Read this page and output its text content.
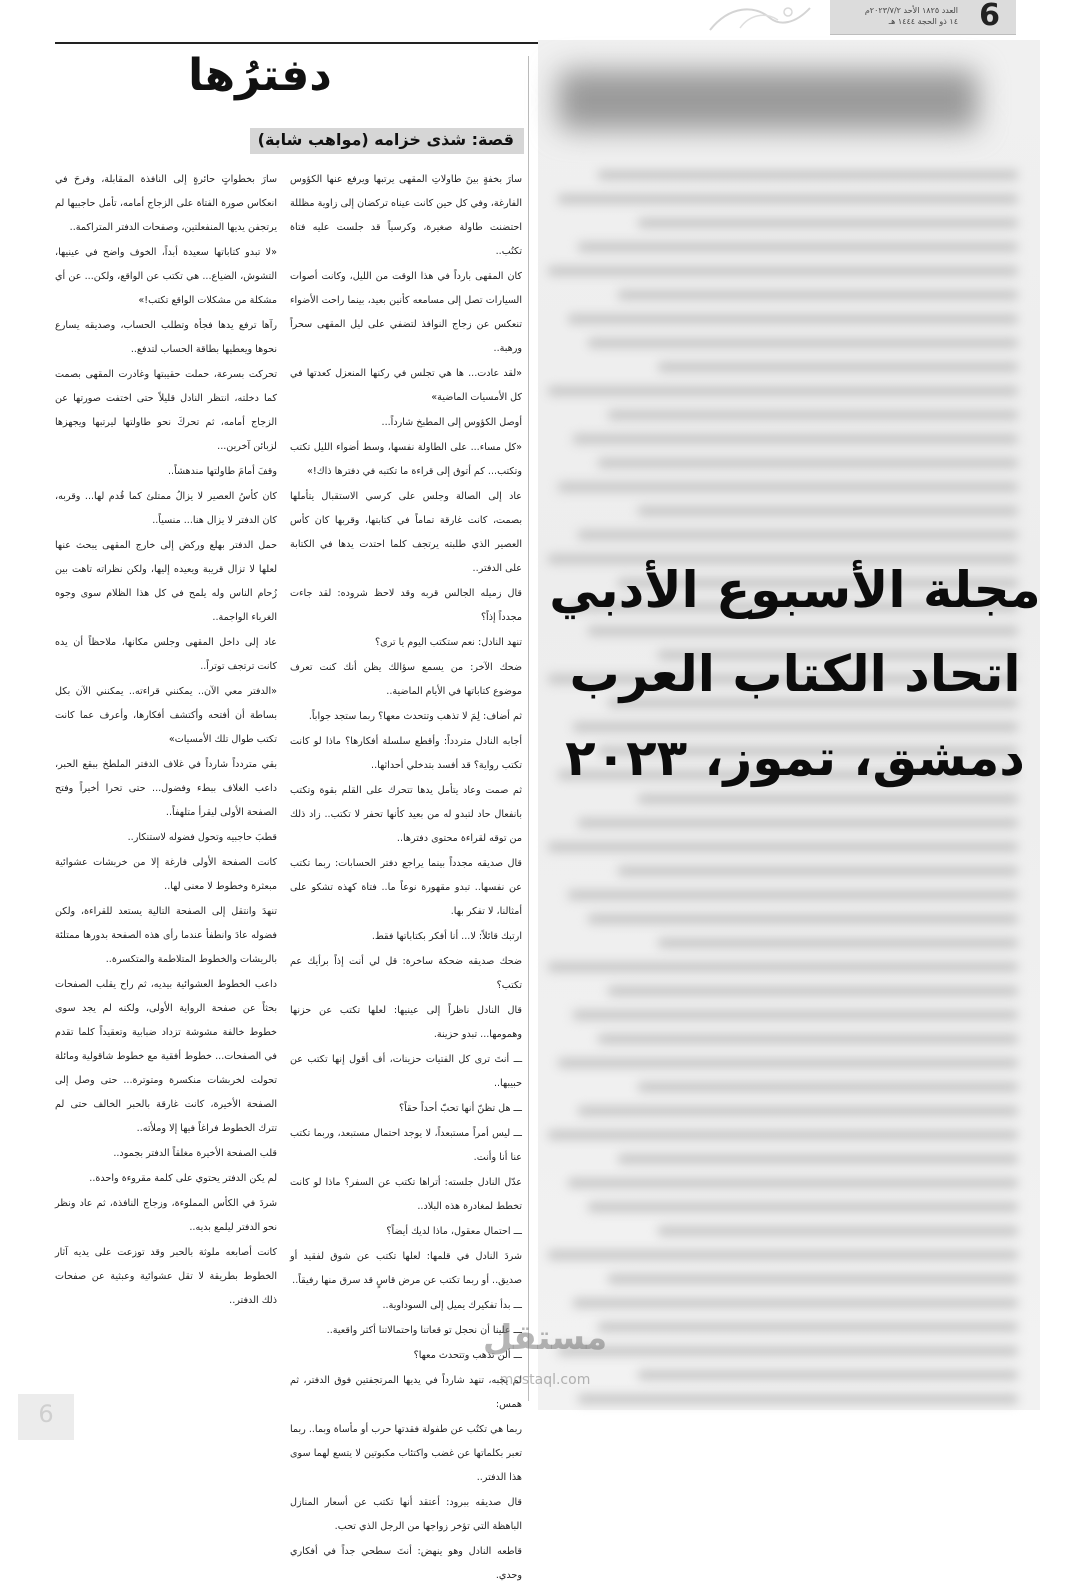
العدد ١٨٢٥ الأحد ٢٠٢٣/٧/٢م
١٤ ذو الحجة ١٤٤٤ هـ 6
دفترُها
قصة: شذى خزامه (مواهب شابة)

سارَ بخفةٍ بينَ طاولاتِ المقهى يرتبها ويرفع عنها الكؤوس الفارغة، وفي كل حين كانت عيناه تركضان إلى زاوية مظللة احتضنت طاولة صغيرة، وكرسياً قد جلست عليه فتاة تكتُب..

كان المقهى بارداً في هذا الوقت من الليل، وكانت أصوات السيارات تصل إلى مسامعه كأنين بعيد، بينما راحت الأضواء تنعكس عن زجاج النوافذ لتضفي على ليل المقهى سحراً ورهبة..

«لقد عادت... ها هي تجلس في ركنها المنعزل كعدتها في كل الأمسيات الماضية»

أوصل الكؤوس إلى المطبخ شارداً...

«كل مساء... على الطاولة نفسها، وسط أضواء الليل تكتب وتكتب... كم أتوق إلى قراءة ما تكتبه في دفترها ذاك!»

عاد إلى الصالة وجلس على كرسي الاستقبال يتأملها بصمت، كانت غارقة تماماً في كتابتها، وقربها كان كأس العصير الذي طلبته يرتجف كلما احتدت يدها في الكتابة على الدفتر..

قال زميله الجالس قربه وقد لاحظ شروده: لقد جاءت مجدداً إذاً؟

تنهد النادل: نعم ستكتب اليوم يا ترى؟

ضحك الآخر: من يسمع سؤالك يظن أنك كنت تعرف موضوع كتاباتها في الأيام الماضية..

ثم أضاف: لِمَ لا تذهب وتتحدث معها؟ ربما ستجد جواباً.

أجابه النادل متردداً: وأقطع سلسلة أفكارها؟ ماذا لو كانت تكتب رواية؟ قد أفسد بتدخلي أحداثها..

ثم صمت وعاد يتأمل يدها تتحرك على القلم بقوة وتكتب بانفعال حاد لتبدو له من بعيد كأنها تحفر لا تكتب.. زاد ذلك من توقه لقراءة محتوى دفترها..

قال صديقه مجدداً بينما يراجع دفتر الحسابات: ربما تكتب عن نفسها.. تبدو مقهورة نوعاً ما.. فتاة كهذه تشكو على أمثالنا، لا تفكر بها.

ارتبك قائلاً: لا... أنا أفكر بكتاباتها فقط.

ضحك صديقه ضحكة ساخرة: قل لي أنت إذاً برأيك عم تكتب؟

قال النادل ناظراً إلى عينيها: لعلها تكتب عن حزنها وهمومها... تبدو حزينة.

ـــ أنتَ ترى كل الفتيات حزينات، أف أقول إنها تكتب عن حبيبها..

ـــ هل تظنّ أنها تحبّ أحداً حقاً؟

ـــ ليس أمراً مستبعداً، لا يوجد احتمال مستبعد، وربما تكتب عنا أنا وأنت.

عدّل النادل جلسته: أتراها تكتب عن السفر؟ ماذا لو كانت تخطط لمغادرة هذه البلاد..

ـــ احتمال معقول، ماذا لديك أيضاً؟

شردَ النادل في قلمها: لعلها تكتب عن شوق لفقيد أو صديق.. أو ربما تكتب عن مرض قاسٍ قد سرق منها رفيقاً..

ـــ بدأ تفكيرك يميل إلى السوداوية..

ـــ علينا أن نحجل تو قعاتنا واحتمالاتنا أكثر واقعية..

ـــ ألن تذهب وتتحدث معها؟

لم يجبه، تنهد شارداً في يديها المرتجفتين فوق الدفتر، ثم همس:

ربما هي تكتُب عن طفولة فقدتها حرب أو مأساة وبما.. ربما تعبر بكلماتها عن غضب واكتئاب مكبوتين لا يتسع لهما سوى هذا الدفتر..

قال صديقه ببرود: أعتقد أنها تكتب عن أسعار المنازل الباهظة التي تؤخر زواجها من الرجل الذي تحب.

قاطعه النادل وهو ينهض: أنتَ سطحي جداً في أفكاري وحدي.

سارَ بخطواتٍ حائرةٍ إلى النافذة المقابلة، وفرحَ في انعكاس صورة الفتاة على الزجاج أمامه، تأمل حاجبيها لم يرتجفن يديها المنفعلتين، وصفحات الدفتر المتراكمة..

«لا تبدو كتاباتها سعيدة أبداً، الخوف واضح في عينيها، التشوش، الضياع... هي تكتب عن الواقع، ولكن... عن أي مشكلة من مشكلات الواقع تكتب!»

رآها ترفع يدها فجأة وتطلب الحساب، وصديقه يسارع نحوها ويعطيها بطاقة الحساب لتدفع..

تحركت بسرعة، حملت حقيبتها وغادرت المقهى بصمت كما دخلته، انتظر النادل قليلاً حتى اختفت صورتها عن الزجاج أمامه، ثم تحركَ نحو طاولتها ليرتبها ويجهزها لزبائن آخرين...

وقفَ أمامَ طاولتها مندهشاً..

كان كأسُ العصير لا يزالُ ممتلئ كما قُدم لها... وقربه، كان الدفتر لا يزال هنا... منسياً..

حمل الدفتر بهلع وركض إلى خارج المقهى يبحث عنها لعلها لا تزال قريبة ويعيده إليها، ولكن نظراته تاهت بين زُحام الناس وله يلمح في كل هذا الظلام سوى وجوه الغرباء الواجمة..

عاد إلى داخل المقهى وجلس مكانها، ملاحظاً أن يده كانت ترتجف توتراً..

«الدفتر معي الآن.. يمكنني قراءته.. يمكنني الآن بكل بساطة أن أفتحه وأكتشف أفكارها، وأعرف عما كانت تكتب طوال تلك الأمسيات»

بقي متردداً شارداً في غلاف الدفتر الملطخ ببقع الحبر، داعب الغلاف ببطء وفضول... حتى تحرا أخيراً وفتح الصفحة الأولى ليقرأ متلهفاً..

قطبَ حاجبيه وتحول فضوله لاستنكار..

كانت الصفحة الأولى فارغة إلا من خربشات عشوائية مبعثرة وخطوط لا معنى لها..

تنهدَ وانتقل إلى الصفحة التالية يستعد للقراءة، ولكن فضوله عادَ وانطفأ عندما رأى هذه الصفحة بدورها ممتلئة بالريشات والخطوط المتلاطمة والمتكسرة..

داعب الخطوط العشوائية بيديه، ثم راح يقلب الصفحات بحثاً عن صفحة الرواية الأولى، ولكنه لم يجد سوى خطوط خالفة مشوشة تزداد ضبابية وتعقيداً كلما تقدم في الصفحات... خطوط أفقية مع خطوط شاقولية ومائلة تحولت لخربشات منكسرة ومتوترة... حتى وصل إلى الصفحة الأخيرة، كانت غارقة بالحبر الخالف حتى لم تترك الخطوط فراغاً فيها إلا وملأته..

قلب الصفحة الأخيرة مغلقاً الدفتر بجمود..

لم يكن الدفتر يحتوي على كلمة مقروءة واحدة..

شردَ في الكأس المملوءة، وزجاج النافذة، ثم عاد ونظر نحو الدفتر ليلمع بديه..

كانت أصابعه ملوثة بالحبر وقد توزعت على يديه آثار الخطوط بطريقة لا تقل عشوائية وعبثية عن صفحات ذلك الدفتر..

مجلة الأسبوع الأدبي
اتحاد الكتاب العرب
دمشق، تموز، ٢٠٢٣
مستقل
mostaql.com
6
